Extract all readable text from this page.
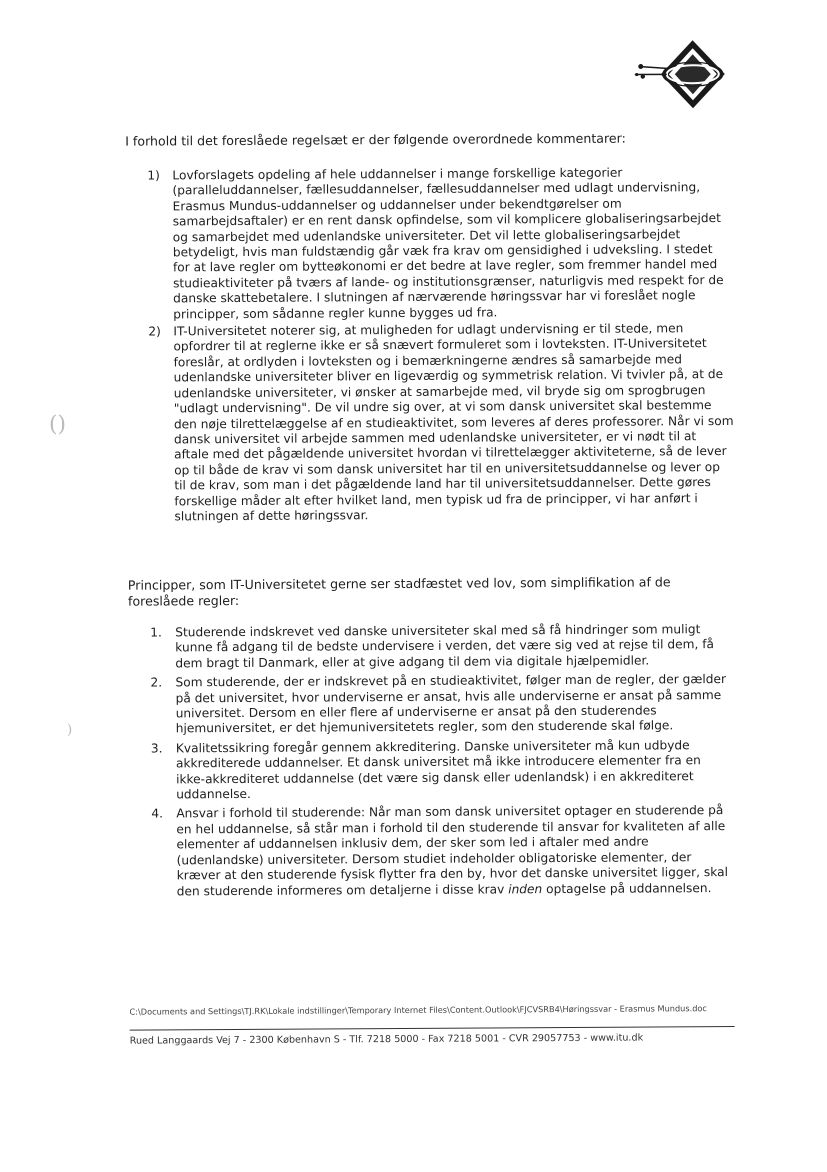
I forhold til det foreslåede regelsæt er der følgende overordnede kommentarer:

1) Lovforslagets opdeling af hele uddannelser i mange forskellige kategorier (paralleluddannelser, fællesuddannelser, fællesuddannelser med udlagt undervisning, Erasmus Mundus-uddannelser og uddannelser under bekendtgørelser om samarbejdsaftaler) er en rent dansk opfindelse, som vil komplicere globaliseringsarbejdet og samarbejdet med udenlandske universiteter. Det vil lette globaliseringsarbejdet betydeligt, hvis man fuldstændig går væk fra krav om gensidighed i udveksling. I stedet for at lave regler om bytteøkonomi er det bedre at lave regler, som fremmer handel med studieaktiviteter på tværs af lande- og institutionsgrænser, naturligvis med respekt for de danske skattebetalere. I slutningen af nærværende høringssvar har vi foreslået nogle principper, som sådanne regler kunne bygges ud fra.
2) IT-Universitetet noterer sig, at muligheden for udlagt undervisning er til stede, men opfordrer til at reglerne ikke er så snævert formuleret som i lovteksten. IT-Universitetet foreslår, at ordlyden i lovteksten og i bemærkningerne ændres så samarbejde med udenlandske universiteter bliver en ligeværdig og symmetrisk relation. Vi tvivler på, at de udenlandske universiteter, vi ønsker at samarbejde med, vil bryde sig om sprogbrugen "udlagt undervisning". De vil undre sig over, at vi som dansk universitet skal bestemme den nøje tilrettelæggelse af en studieaktivitet, som leveres af deres professorer. Når vi som dansk universitet vil arbejde sammen med udenlandske universiteter, er vi nødt til at aftale med det pågældende universitet hvordan vi tilrettelægger aktiviteterne, så de lever op til både de krav vi som dansk universitet har til en universitetsuddannelse og lever op til de krav, som man i det pågældende land har til universitetsuddannelser. Dette gøres forskellige måder alt efter hvilket land, men typisk ud fra de principper, vi har anført i slutningen af dette høringssvar.
()
)

Principper, som IT-Universitetet gerne ser stadfæstet ved lov, som simplifikation af de foreslåede regler:

1. Studerende indskrevet ved danske universiteter skal med så få hindringer som muligt kunne få adgang til de bedste undervisere i verden, det være sig ved at rejse til dem, få dem bragt til Danmark, eller at give adgang til dem via digitale hjælpemidler.
2. Som studerende, der er indskrevet på en studieaktivitet, følger man de regler, der gælder på det universitet, hvor underviserne er ansat, hvis alle underviserne er ansat på samme universitet. Dersom en eller flere af underviserne er ansat på den studerendes hjemuniversitet, er det hjemuniversitetets regler, som den studerende skal følge.
3. Kvalitetssikring foregår gennem akkreditering. Danske universiteter må kun udbyde akkrediterede uddannelser. Et dansk universitet må ikke introducere elementer fra en ikke-akkrediteret uddannelse (det være sig dansk eller udenlandsk) i en akkrediteret uddannelse.
4. Ansvar i forhold til studerende: Når man som dansk universitet optager en studerende på en hel uddannelse, så står man i forhold til den studerende til ansvar for kvaliteten af alle elementer af uddannelsen inklusiv dem, der sker som led i aftaler med andre (udenlandske) universiteter. Dersom studiet indeholder obligatoriske elementer, der kræver at den studerende fysisk flytter fra den by, hvor det danske universitet ligger, skal den studerende informeres om detaljerne i disse krav inden optagelse på uddannelsen.

C:\Documents and Settings\TJ.RK\Lokale indstillinger\Temporary Internet Files\Content.Outlook\FJCVSRB4\Høringssvar - Erasmus Mundus.doc

Rued Langgaards Vej 7 - 2300 København S - Tlf. 7218 5000 - Fax 7218 5001 - CVR 29057753 - www.itu.dk
